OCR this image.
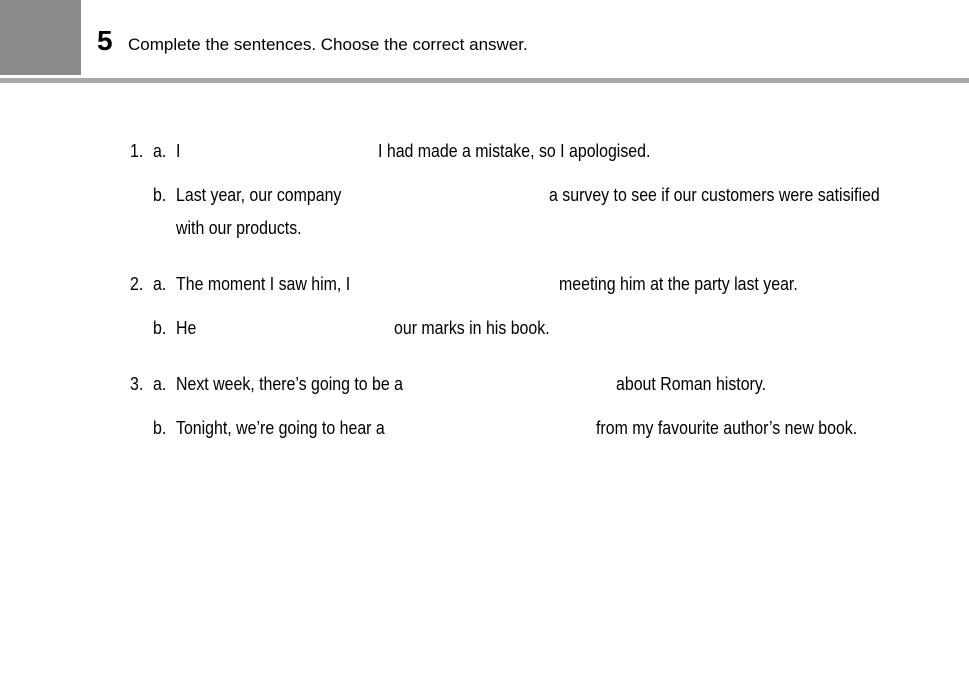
5 Complete the sentences. Choose the correct answer.
1. a. I	I had made a mistake, so I apologised.
b. Last year, our company	a survey to see if our customers were satisified
with our products.
2. a. The moment I saw him, I	meeting him at the party last year.
b. He	our marks in his book.
3. a. Next week, there’s going to be a	about Roman history.
b. Tonight, we’re going to hear a	from my favourite author’s new book.
